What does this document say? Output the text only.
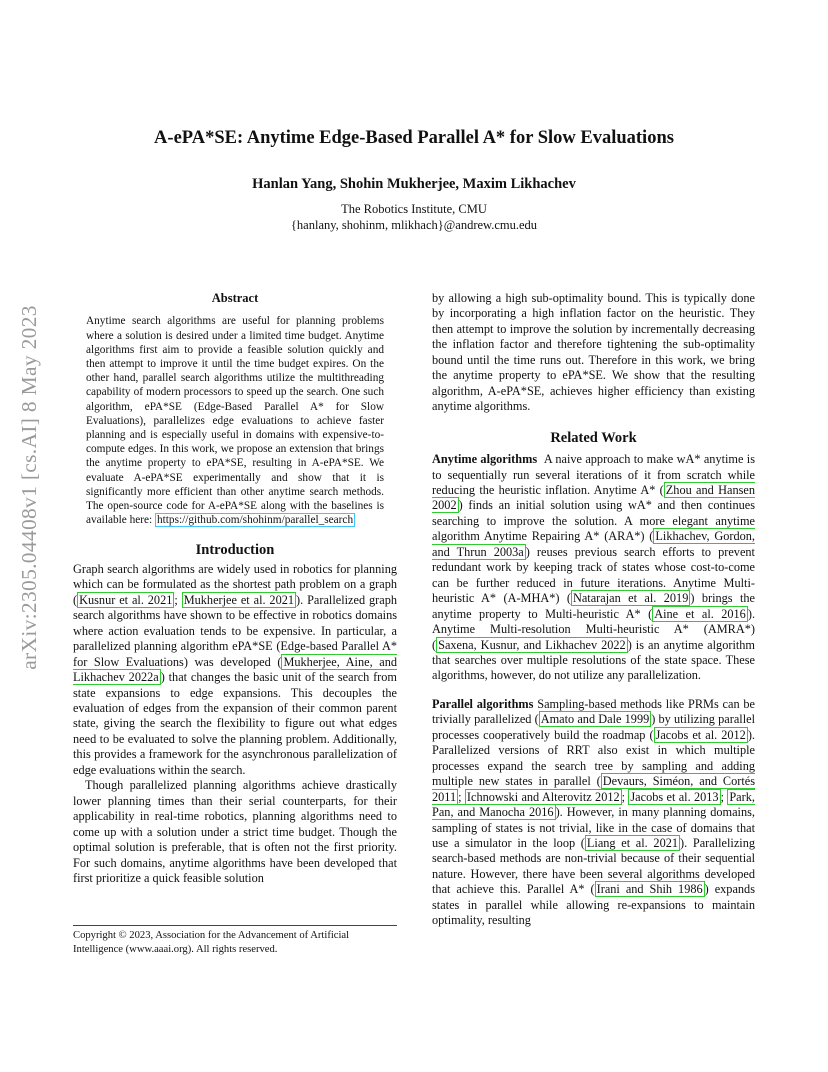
arXiv:2305.04408v1 [cs.AI] 8 May 2023
A-ePA*SE: Anytime Edge-Based Parallel A* for Slow Evaluations
Hanlan Yang, Shohin Mukherjee, Maxim Likhachev
The Robotics Institute, CMU
{hanlany, shohinm, mlikhach}@andrew.cmu.edu
Abstract
Anytime search algorithms are useful for planning problems where a solution is desired under a limited time budget. Anytime algorithms first aim to provide a feasible solution quickly and then attempt to improve it until the time budget expires. On the other hand, parallel search algorithms utilize the multithreading capability of modern processors to speed up the search. One such algorithm, ePA*SE (Edge-Based Parallel A* for Slow Evaluations), parallelizes edge evaluations to achieve faster planning and is especially useful in domains with expensive-to-compute edges. In this work, we propose an extension that brings the anytime property to ePA*SE, resulting in A-ePA*SE. We evaluate A-ePA*SE experimentally and show that it is significantly more efficient than other anytime search methods. The open-source code for A-ePA*SE along with the baselines is available here: https://github.com/shohinm/parallel_search
Introduction

Graph search algorithms are widely used in robotics for planning which can be formulated as the shortest path problem on a graph ( Kusnur et al. 2021 ; Mukherjee et al. 2021 ). Parallelized graph search algorithms have shown to be effective in robotics domains where action evaluation tends to be expensive. In particular, a parallelized planning algorithm ePA*SE (Edge-based Parallel A* for Slow Evaluations) was developed ( Mukherjee, Aine, and Likhachev 2022a ) that changes the basic unit of the search from state expansions to edge expansions. This decouples the evaluation of edges from the expansion of their common parent state, giving the search the flexibility to figure out what edges need to be evaluated to solve the planning problem. Additionally, this provides a framework for the asynchronous parallelization of edge evaluations within the search.

Though parallelized planning algorithms achieve drastically lower planning times than their serial counterparts, for their applicability in real-time robotics, planning algorithms need to come up with a solution under a strict time budget. Though the optimal solution is preferable, that is often not the first priority. For such domains, anytime algorithms have been developed that first prioritize a quick feasible solution

Copyright © 2023, Association for the Advancement of Artificial Intelligence (www.aaai.org). All rights reserved.

by allowing a high sub-optimality bound. This is typically done by incorporating a high inflation factor on the heuristic. They then attempt to improve the solution by incrementally decreasing the inflation factor and therefore tightening the sub-optimality bound until the time runs out. Therefore in this work, we bring the anytime property to ePA*SE. We show that the resulting algorithm, A-ePA*SE, achieves higher efficiency than existing anytime algorithms.

Related Work

Anytime algorithms A naive approach to make wA* anytime is to sequentially run several iterations of it from scratch while reducing the heuristic inflation. Anytime A* ( Zhou and Hansen 2002 ) finds an initial solution using wA* and then continues searching to improve the solution. A more elegant anytime algorithm Anytime Repairing A* (ARA*) ( Likhachev, Gordon, and Thrun 2003a ) reuses previous search efforts to prevent redundant work by keeping track of states whose cost-to-come can be further reduced in future iterations. Anytime Multi-heuristic A* (A-MHA*) ( Natarajan et al. 2019 ) brings the anytime property to Multi-heuristic A* ( Aine et al. 2016 ). Anytime Multi-resolution Multi-heuristic A* (AMRA*) ( Saxena, Kusnur, and Likhachev 2022 ) is an anytime algorithm that searches over multiple resolutions of the state space. These algorithms, however, do not utilize any parallelization.

Parallel algorithms Sampling-based methods like PRMs can be trivially parallelized ( Amato and Dale 1999 ) by utilizing parallel processes cooperatively build the roadmap ( Jacobs et al. 2012 ). Parallelized versions of RRT also exist in which multiple processes expand the search tree by sampling and adding multiple new states in parallel ( Devaurs, Siméon, and Cortés 2011 ; Ichnowski and Alterovitz 2012 ; Jacobs et al. 2013 ; Park, Pan, and Manocha 2016 ). However, in many planning domains, sampling of states is not trivial, like in the case of domains that use a simulator in the loop ( Liang et al. 2021 ). Parallelizing search-based methods are non-trivial because of their sequential nature. However, there have been several algorithms developed that achieve this. Parallel A* ( Irani and Shih 1986 ) expands states in parallel while allowing re-expansions to maintain optimality, resulting
